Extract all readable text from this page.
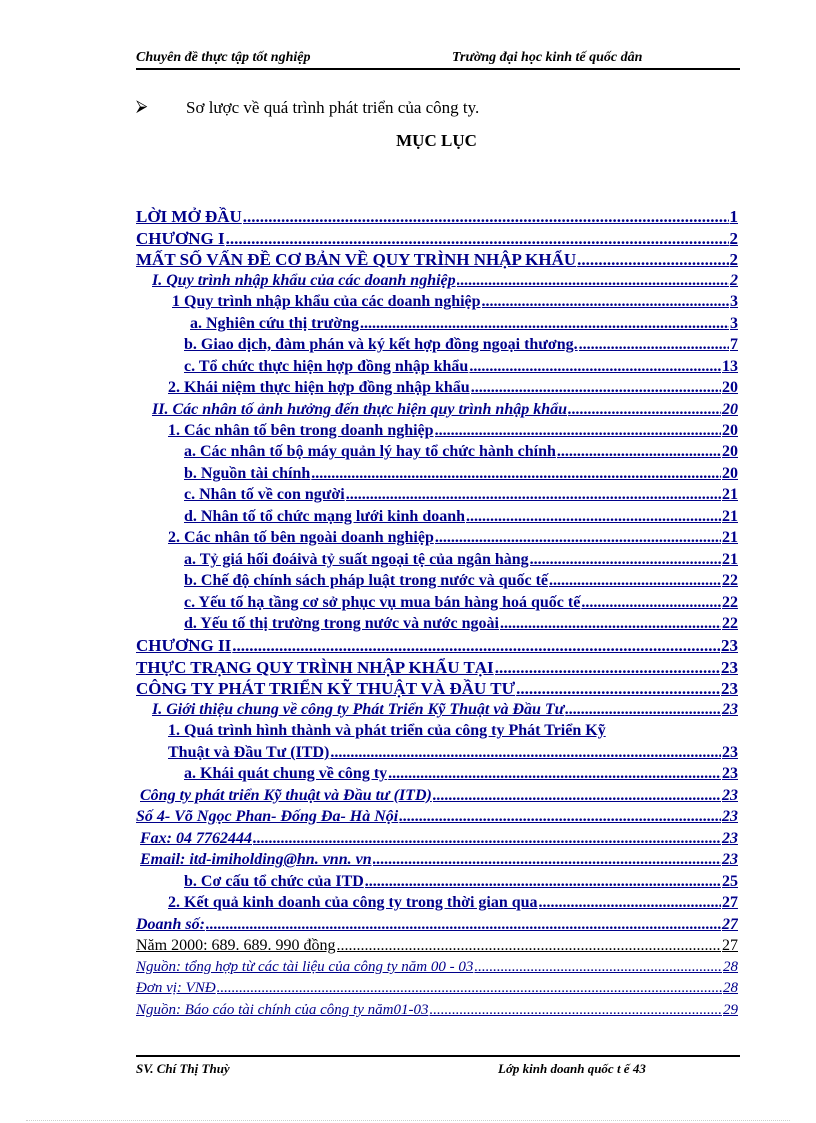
Chuyên đề thực tập tốt nghiệp	Trường đại học kinh tế quốc dân
⮚ Sơ lược về quá trình phát triển của công ty.
MỤC LỤC
LỜI MỞ ĐẦU .....	1
CHƯƠNG I .....	2
MẤT SỐ VẤN ĐỀ CƠ BẢN VỀ QUY TRÌNH NHẬP KHẨU .....	2
I. Quy trình nhập khẩu của các doanh nghiệp .....	2
1 Quy trình nhập khẩu của các doanh nghiệp .....	3
a. Nghiên cứu thị trường .....	3
b. Giao dịch, đàm phán và ký kết hợp đồng ngoại thương. .....	7
c. Tổ chức thực hiện hợp đồng nhập khẩu .....	13
2. Khái niệm thực hiện hợp đồng nhập khẩu .....	20
II. Các nhân tố ảnh hưởng đến thực hiện quy trình nhập khẩu .....	20
1. Các nhân tố bên trong doanh nghiệp .....	20
a. Các nhân tố bộ máy quản lý hay tổ chức hành chính .....	20
b. Nguồn tài chính .....	20
c. Nhân tố về con người .....	21
d. Nhân tố tổ chức mạng lưới kinh doanh .....	21
2. Các nhân tố bên ngoài doanh nghiệp .....	21
a. Tỷ giá hối đoáivà tỷ suất ngoại tệ của ngân hàng .....	21
b. Chế độ chính sách pháp luật trong nước và quốc tế .....	22
c. Yếu tố hạ tầng cơ sở phục vụ mua bán hàng hoá quốc tế .....	22
d. Yếu tố thị trường trong nước và nước ngoài .....	22
CHƯƠNG II .....	23
THỰC TRẠNG QUY TRÌNH NHẬP KHẨU TẠI .....	23
CÔNG TY PHÁT TRIỂN KỸ THUẬT VÀ ĐẦU TƯ .....	23
I. Giới thiệu chung về công ty Phát Triển Kỹ Thuật và Đầu Tư .....	23
1. Quá trình hình thành và phát triển của công ty Phát Triển Kỹ
Thuật và Đầu Tư (ITD) .....	23
a. Khái quát chung về công ty .....	23
Công ty phát triển Kỹ thuật và Đầu tư (ITD) .....	23
Số 4- Võ Ngọc Phan- Đống Đa- Hà Nội .....	23
Fax: 04 7762444 .....	23
Email: itd-imiholding@hn. vnn. vn .....	23
b. Cơ cấu tổ chức của ITD .....	25
2. Kết quả kinh doanh của công ty trong thời gian qua .....	27
Doanh số: .....	27
Năm 2000: 689. 689. 990 đồng .....	27
Nguồn: tổng hợp từ các tài liệu của công ty năm 00 - 03 .....	28
Đơn vị: VNĐ .....	28
Nguồn: Báo cáo tài chính của công ty năm01-03 .....	29
SV. Chí Thị Thuỳ	Lớp kinh doanh quốc t ế 43
